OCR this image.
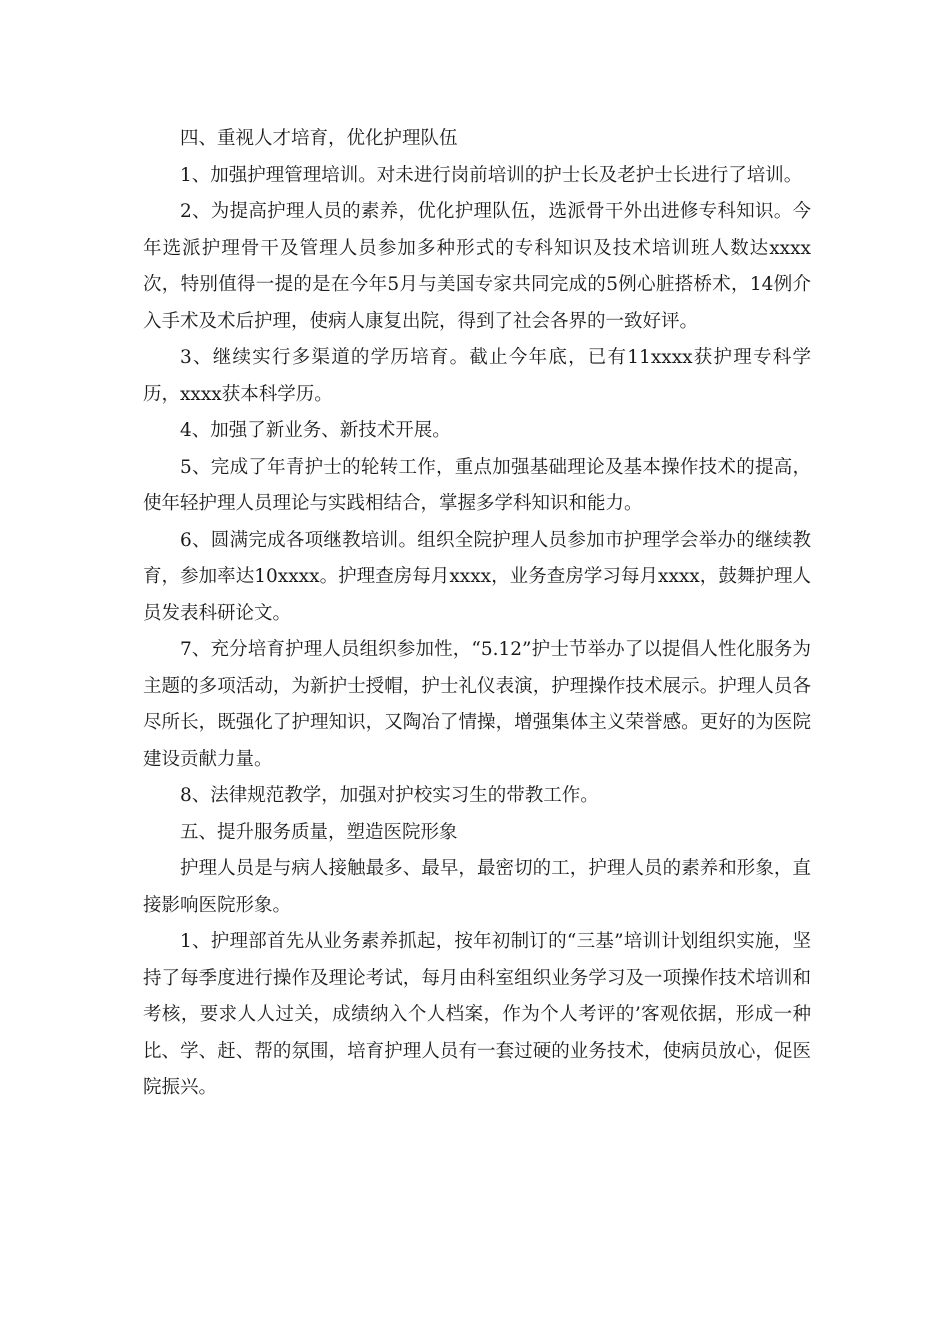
四、重视人才培育，优化护理队伍

1、加强护理管理培训。对未进行岗前培训的护士长及老护士长进行了培训。

2、为提高护理人员的素养，优化护理队伍，选派骨干外出进修专科知识。今年选派护理骨干及管理人员参加多种形式的专科知识及技术培训班人数达xxxx次，特别值得一提的是在今年5月与美国专家共同完成的5例心脏搭桥术，14例介入手术及术后护理，使病人康复出院，得到了社会各界的一致好评。

3、继续实行多渠道的学历培育。截止今年底，已有11xxxx获护理专科学历，xxxx获本科学历。

4、加强了新业务、新技术开展。

5、完成了年青护士的轮转工作，重点加强基础理论及基本操作技术的提高，使年轻护理人员理论与实践相结合，掌握多学科知识和能力。

6、圆满完成各项继教培训。组织全院护理人员参加市护理学会举办的继续教育，参加率达10xxxx。护理查房每月xxxx，业务查房学习每月xxxx，鼓舞护理人员发表科研论文。

7、充分培育护理人员组织参加性，“5.12”护士节举办了以提倡人性化服务为主题的多项活动，为新护士授帽，护士礼仪表演，护理操作技术展示。护理人员各尽所长，既强化了护理知识，又陶冶了情操，增强集体主义荣誉感。更好的为医院建设贡献力量。

8、法律规范教学，加强对护校实习生的带教工作。

五、提升服务质量，塑造医院形象

护理人员是与病人接触最多、最早，最密切的工，护理人员的素养和形象，直接影响医院形象。

1、护理部首先从业务素养抓起，按年初制订的“三基”培训计划组织实施，坚持了每季度进行操作及理论考试，每月由科室组织业务学习及一项操作技术培训和考核，要求人人过关，成绩纳入个人档案，作为个人考评的’客观依据，形成一种比、学、赶、帮的氛围，培育护理人员有一套过硬的业务技术，使病员放心，促医院振兴。
